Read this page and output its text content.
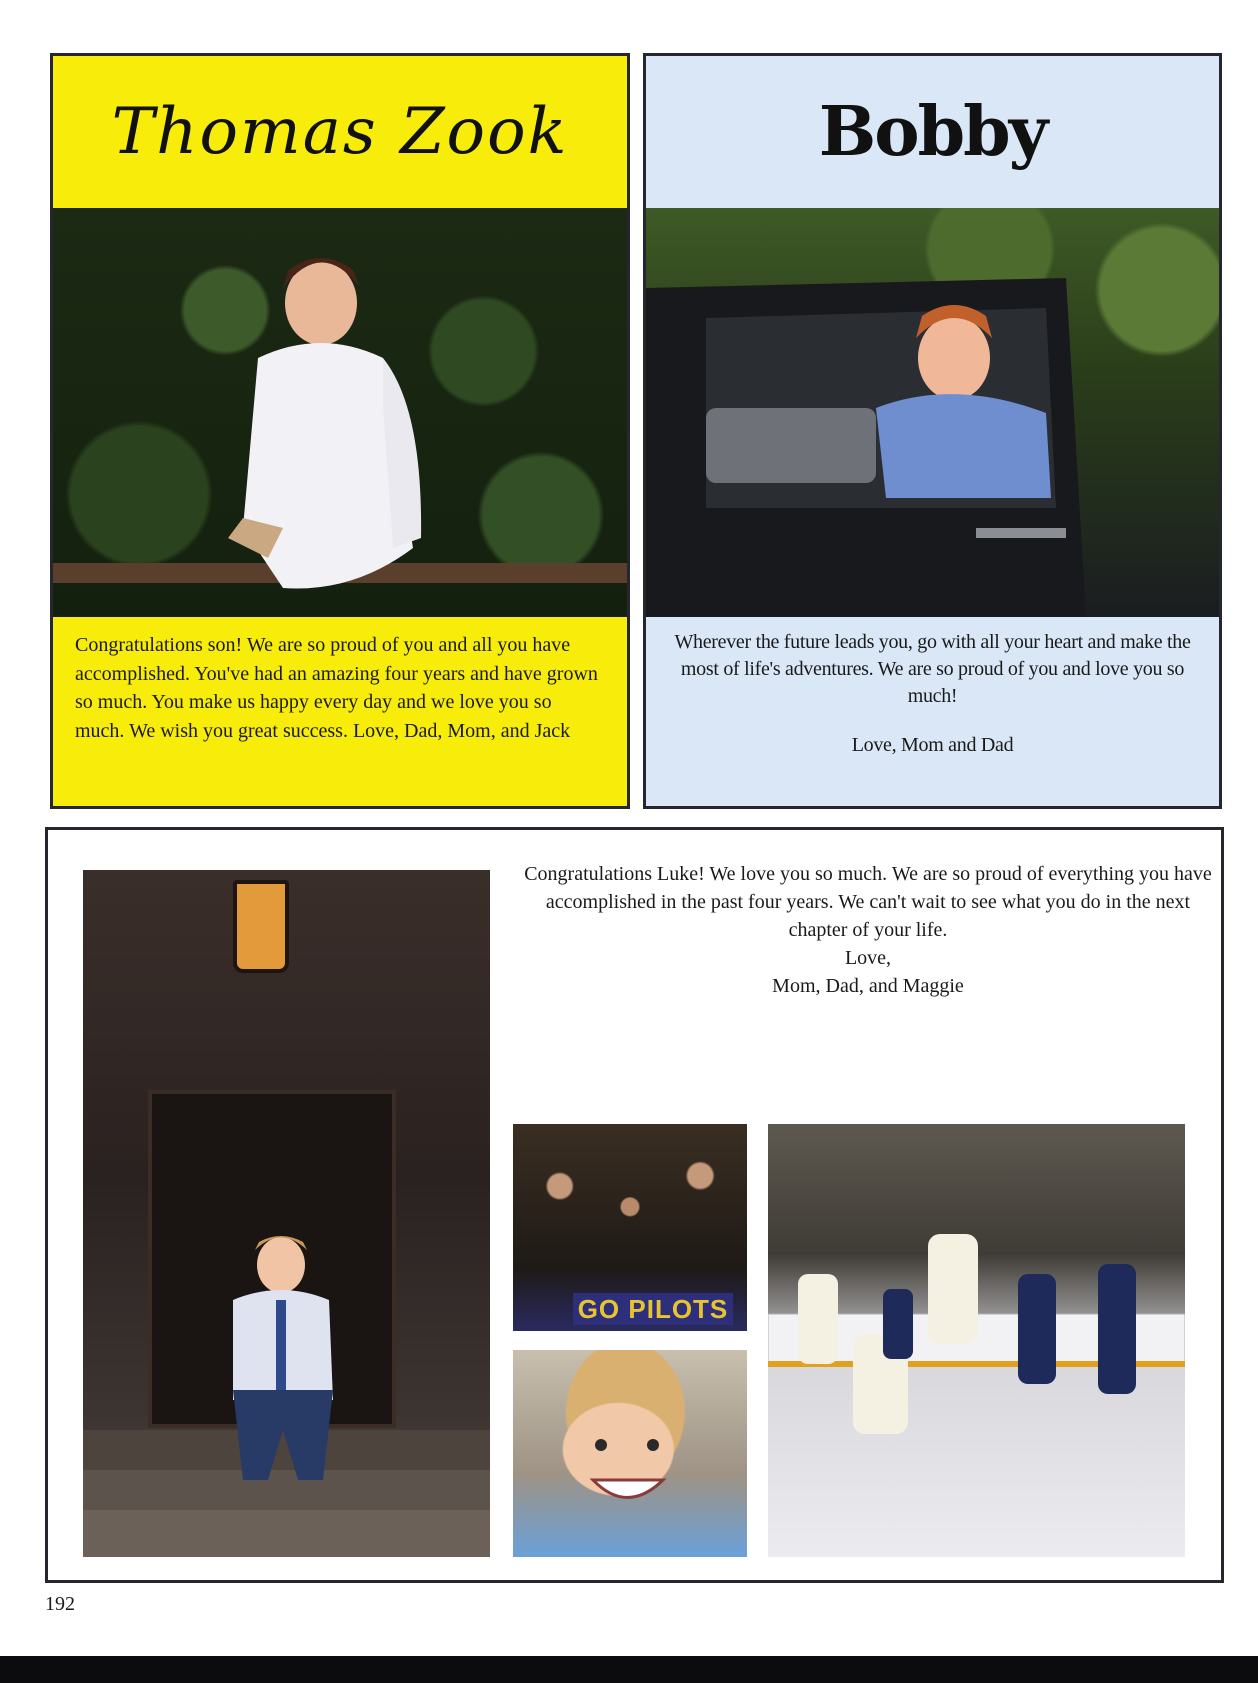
Thomas Zook
Congratulations son! We are so proud of you and all you have accomplished. You've had an amazing four years and have grown so much. You make us happy every day and we love you so much. We wish you great success. Love, Dad, Mom, and Jack
Bobby
Wherever the future leads you, go with all your heart and make the most of life's adventures. We are so proud of you and love you so much!
Love, Mom and Dad
Congratulations Luke! We love you so much. We are so proud of everything you have accomplished in the past four years. We can't wait to see what you do in the next chapter of your life.
Love,
Mom, Dad, and Maggie
GO PILOTS
192
